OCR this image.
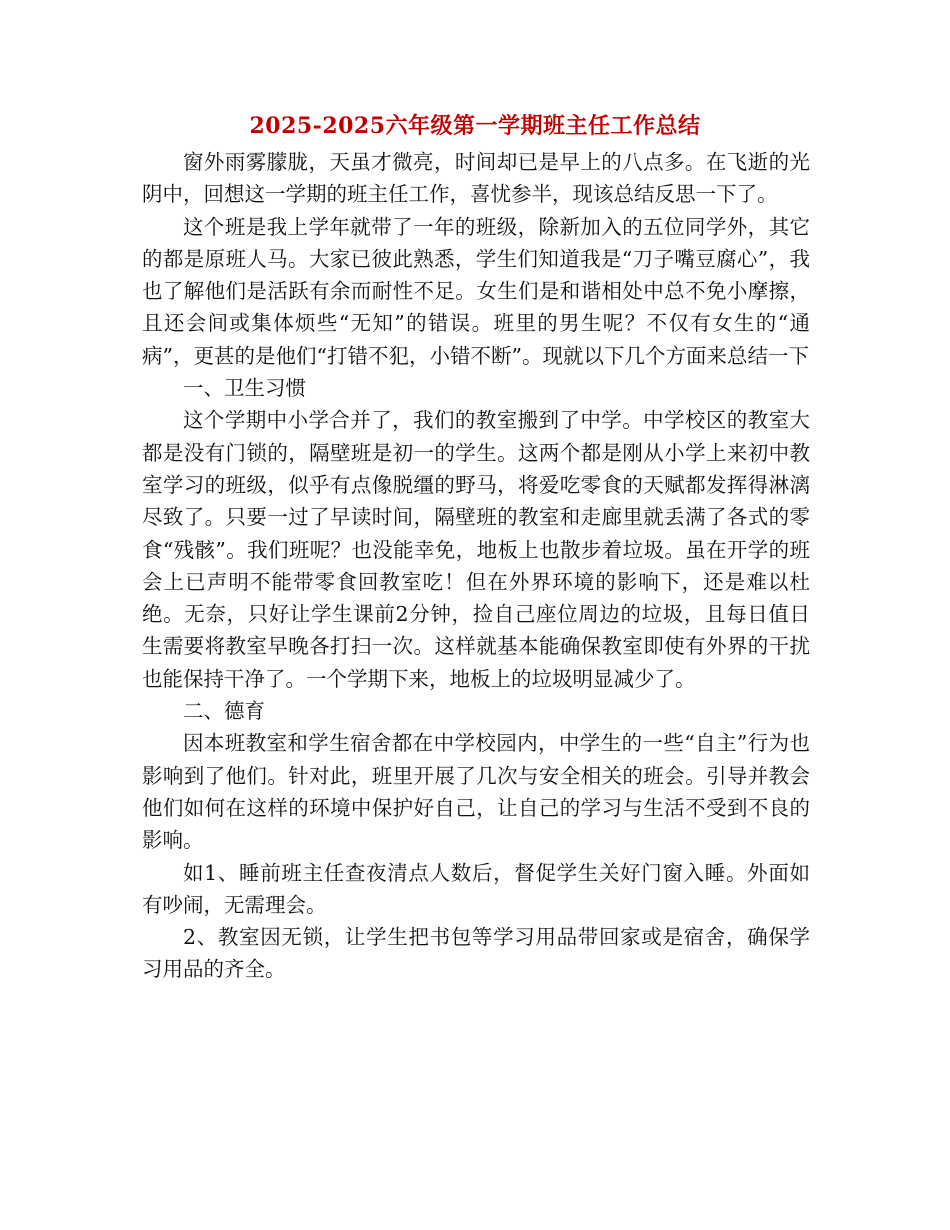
2025-2025六年级第一学期班主任工作总结

窗外雨雾朦胧，天虽才微亮，时间却已是早上的八点多。在飞逝的光阴中，回想这一学期的班主任工作，喜忧参半，现该总结反思一下了。

这个班是我上学年就带了一年的班级，除新加入的五位同学外，其它的都是原班人马。大家已彼此熟悉，学生们知道我是“刀子嘴豆腐心”，我也了解他们是活跃有余而耐性不足。女生们是和谐相处中总不免小摩擦，且还会间或集体烦些“无知”的错误。班里的男生呢？不仅有女生的“通病”，更甚的是他们“打错不犯，小错不断”。现就以下几个方面来总结一下

一、卫生习惯

这个学期中小学合并了，我们的教室搬到了中学。中学校区的教室大都是没有门锁的，隔壁班是初一的学生。这两个都是刚从小学上来初中教室学习的班级，似乎有点像脱缰的野马，将爱吃零食的天赋都发挥得淋漓尽致了。只要一过了早读时间，隔壁班的教室和走廊里就丢满了各式的零食“残骸”。我们班呢？也没能幸免，地板上也散步着垃圾。虽在开学的班会上已声明不能带零食回教室吃！但在外界环境的影响下，还是难以杜绝。无奈，只好让学生课前2分钟，捡自己座位周边的垃圾，且每日值日生需要将教室早晚各打扫一次。这样就基本能确保教室即使有外界的干扰也能保持干净了。一个学期下来，地板上的垃圾明显减少了。

二、德育

因本班教室和学生宿舍都在中学校园内，中学生的一些“自主”行为也影响到了他们。针对此，班里开展了几次与安全相关的班会。引导并教会他们如何在这样的环境中保护好自己，让自己的学习与生活不受到不良的影响。

如1、睡前班主任查夜清点人数后，督促学生关好门窗入睡。外面如有吵闹，无需理会。

2、教室因无锁，让学生把书包等学习用品带回家或是宿舍，确保学习用品的齐全。
